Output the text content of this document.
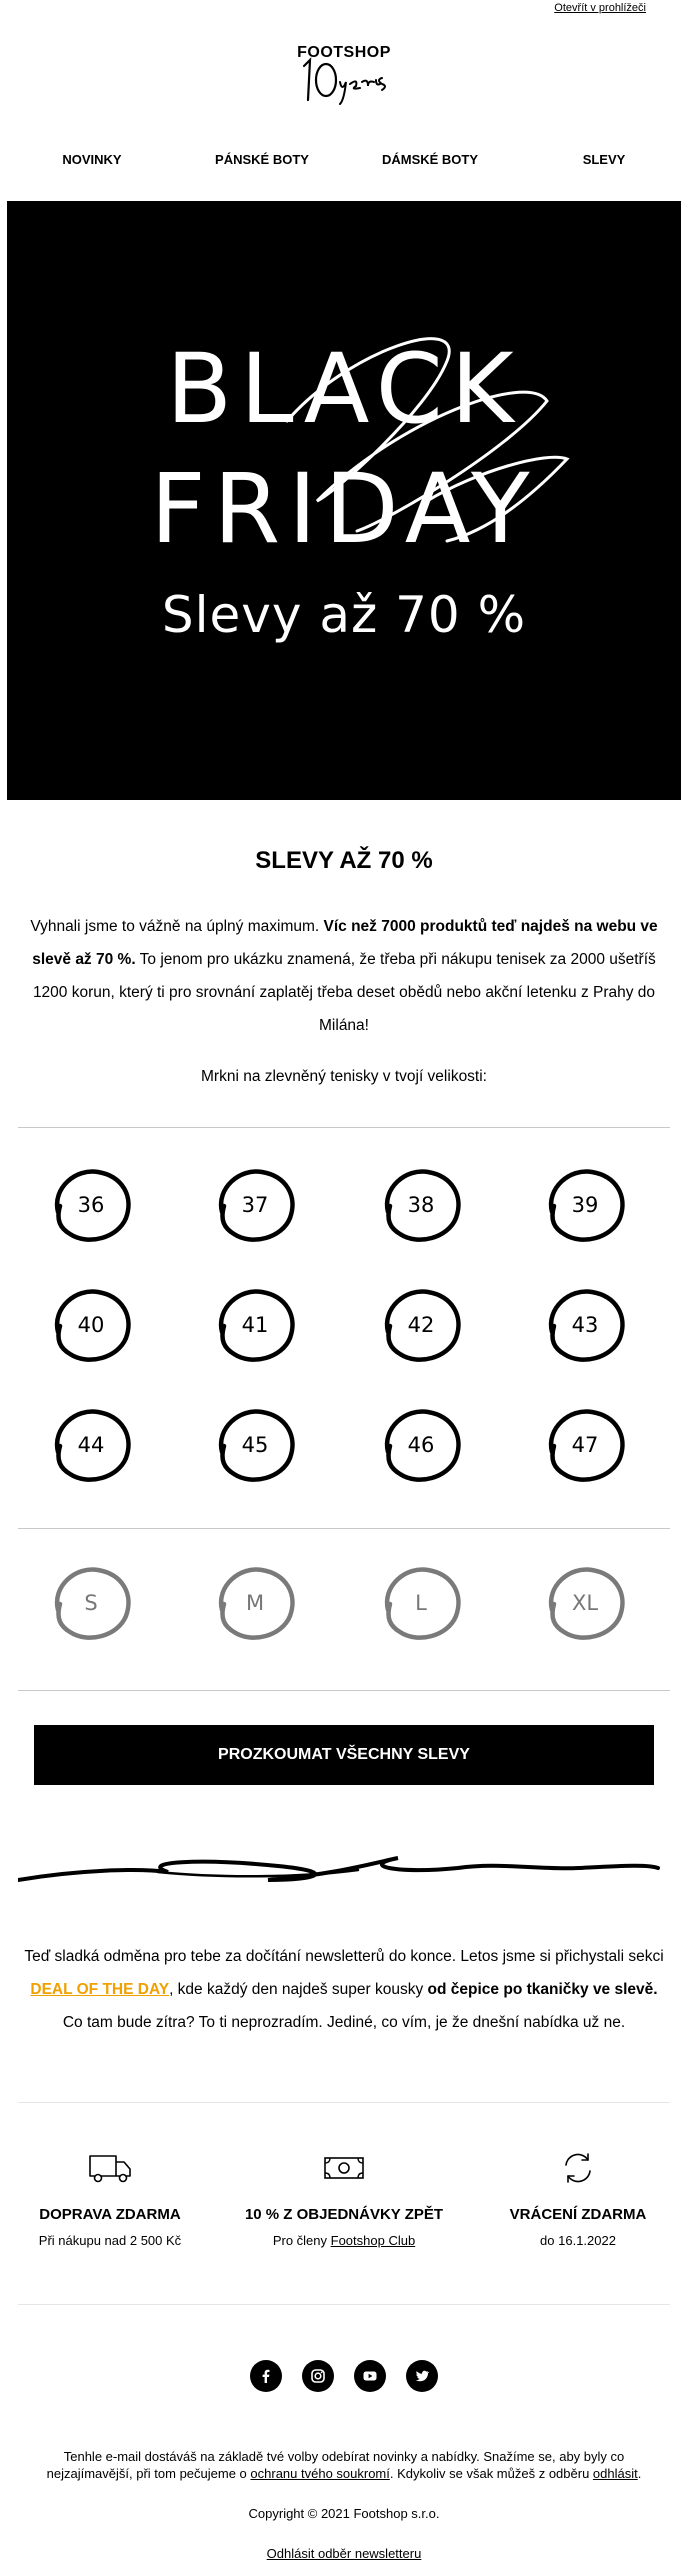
Otevřít v prohlížeči
FOOTSHOP
NOVINKY	PÁNSKÉ BOTY	DÁMSKÉ BOTY	SLEVY
BLACK
FRIDAY
Slevy až 70 %
SLEVY AŽ 70 %
Vyhnali jsme to vážně na úplný maximum. Víc než 7000 produktů teď najdeš na webu ve slevě až 70 %. To jenom pro ukázku znamená, že třeba při nákupu tenisek za 2000 ušetříš 1200 korun, který ti pro srovnání zaplatěj třeba deset obědů nebo akční letenku z Prahy do Milána!
Mrkni na zlevněný tenisky v tvojí velikosti:
36	37	38	39
40	41	42	43
44	45	46	47
S	M	L	XL
PROZKOUMAT VŠECHNY SLEVY
Teď sladká odměna pro tebe za dočítání newsletterů do konce. Letos jsme si přichystali sekci DEAL OF THE DAY, kde každý den najdeš super kousky od čepice po tkaničky ve slevě. Co tam bude zítra? To ti neprozradím. Jediné, co vím, je že dnešní nabídka už ne.
DOPRAVA ZDARMA
Při nákupu nad 2 500 Kč
10 % Z OBJEDNÁVKY ZPĚT
Pro členy Footshop Club
VRÁCENÍ ZDARMA
do 16.1.2022
Tenhle e-mail dostáváš na základě tvé volby odebírat novinky a nabídky. Snažíme se, aby byly co nejzajímavější, při tom pečujeme o ochranu tvého soukromí. Kdykoliv se však můžeš z odběru odhlásit.
Copyright © 2021 Footshop s.r.o.
Odhlásit odběr newsletteru
